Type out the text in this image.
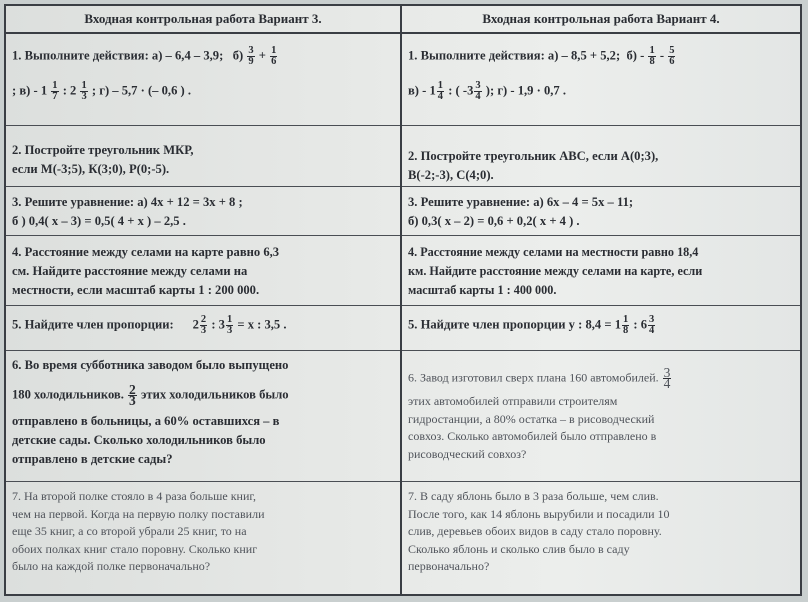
Входная контрольная работа Вариант 3.
1. Выполните действия: а) – 6,4 – 3,9; $б) \frac{3}{9} + \frac{1}{6}$
; $в) - 1 \frac{1}{7}$ : $2 \frac{1}{3}$ ; г) – 5,7 · (– 0,6 ) .
2. Постройте треугольник МКР,
если М(-3;5), К(3;0), Р(0;-5).
3. Решите уравнение: а) 4х + 12 = 3х + 8 ;
б ) 0,4( х – 3) = 0,5( 4 + х ) – 2,5 .
4. Расстояние между селами на карте равно 6,3
см. Найдите расстояние между селами на
местности, если масштаб карты 1 : 200 000.
5. Найдите член пропорции: $2 \frac{2}{3}$ : $3 \frac{1}{3} = х$ : 3,5 .
6. Во время субботника заводом было выпущено
180 холодильников. $\frac{2}{3}$ этих холодильников было
отправлено в больницы, а 60% оставшихся – в
детские сады. Сколько холодильников было
отправлено в детские сады?
7. На второй полке стояло в 4 раза больше книг,
чем на первой. Когда на первую полку поставили
еще 35 книг, а со второй убрали 25 книг, то на
обоих полках книг стало поровну. Сколько книг
было на каждой полке первоначально?
Входная контрольная работа Вариант 4.
1. Выполните действия: а) – 8,5 + 5,2; $б) - \frac{1}{8} - \frac{5}{6}$
$в) - 1 \frac{1}{4}$ : ( $-3 \frac{3}{4}$ ); г) - 1,9 · 0,7 .
2. Постройте треугольник АВС, если А(0;3),
В(-2;-3), С(4;0).
3. Решите уравнение: а) 6х – 4 = 5х – 11;
б) 0,3( х – 2) = 0,6 + 0,2( х + 4 ) .
4. Расстояние между селами на местности равно 18,4
км. Найдите расстояние между селами на карте, если
масштаб карты 1 : 400 000.
5. Найдите член пропорции у : $8,4 = 1 \frac{1}{8}$ : $6 \frac{3}{4}$
6. Завод изготовил сверх плана 160 автомобилей. $\frac{3}{4}$
этих автомобилей отправили строителям
гидростанции, а 80% остатка – в рисоводческий
совхоз. Сколько автомобилей было отправлено в
рисоводческий совхоз?
7. В саду яблонь было в 3 раза больше, чем слив.
После того, как 14 яблонь вырубили и посадили 10
слив, деревьев обоих видов в саду стало поровну.
Сколько яблонь и сколько слив было в саду
первоначально?
